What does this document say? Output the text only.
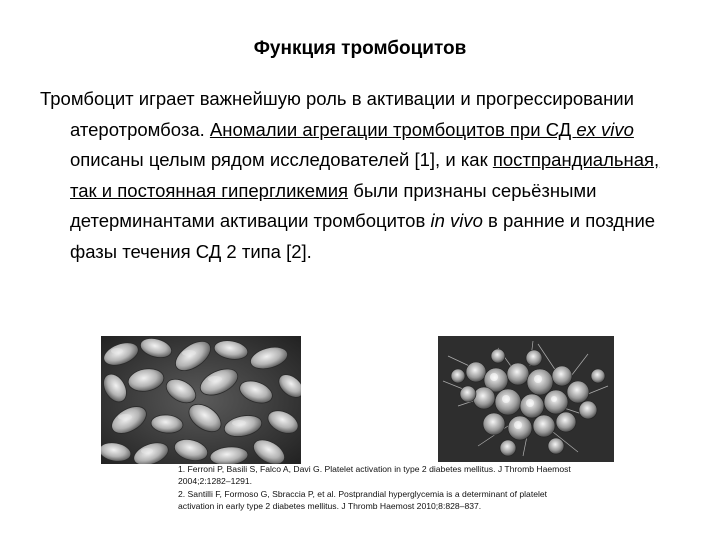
Функция тромбоцитов

Тромбоцит играет важнейшую роль в активации и прогрессировании атеротромбоза. Аномалии агрегации тромбоцитов при СД ex vivo описаны целым рядом исследователей [1], и как постпрандиальная, так и постоянная гипергликемия были признаны серьёзными детерминантами активации тромбоцитов in vivo в ранние и поздние фазы течения СД 2 типа [2].

1. Ferroni P, Basili S, Falco A, Davi G. Platelet activation in type 2 diabetes mellitus. J Thromb Haemost
2004;2:1282–1291.
2. Santilli F, Formoso G, Sbraccia P, et al. Postprandial hyperglycemia is a determinant of platelet
activation in early type 2 diabetes mellitus. J Thromb Haemost 2010;8:828–837.
